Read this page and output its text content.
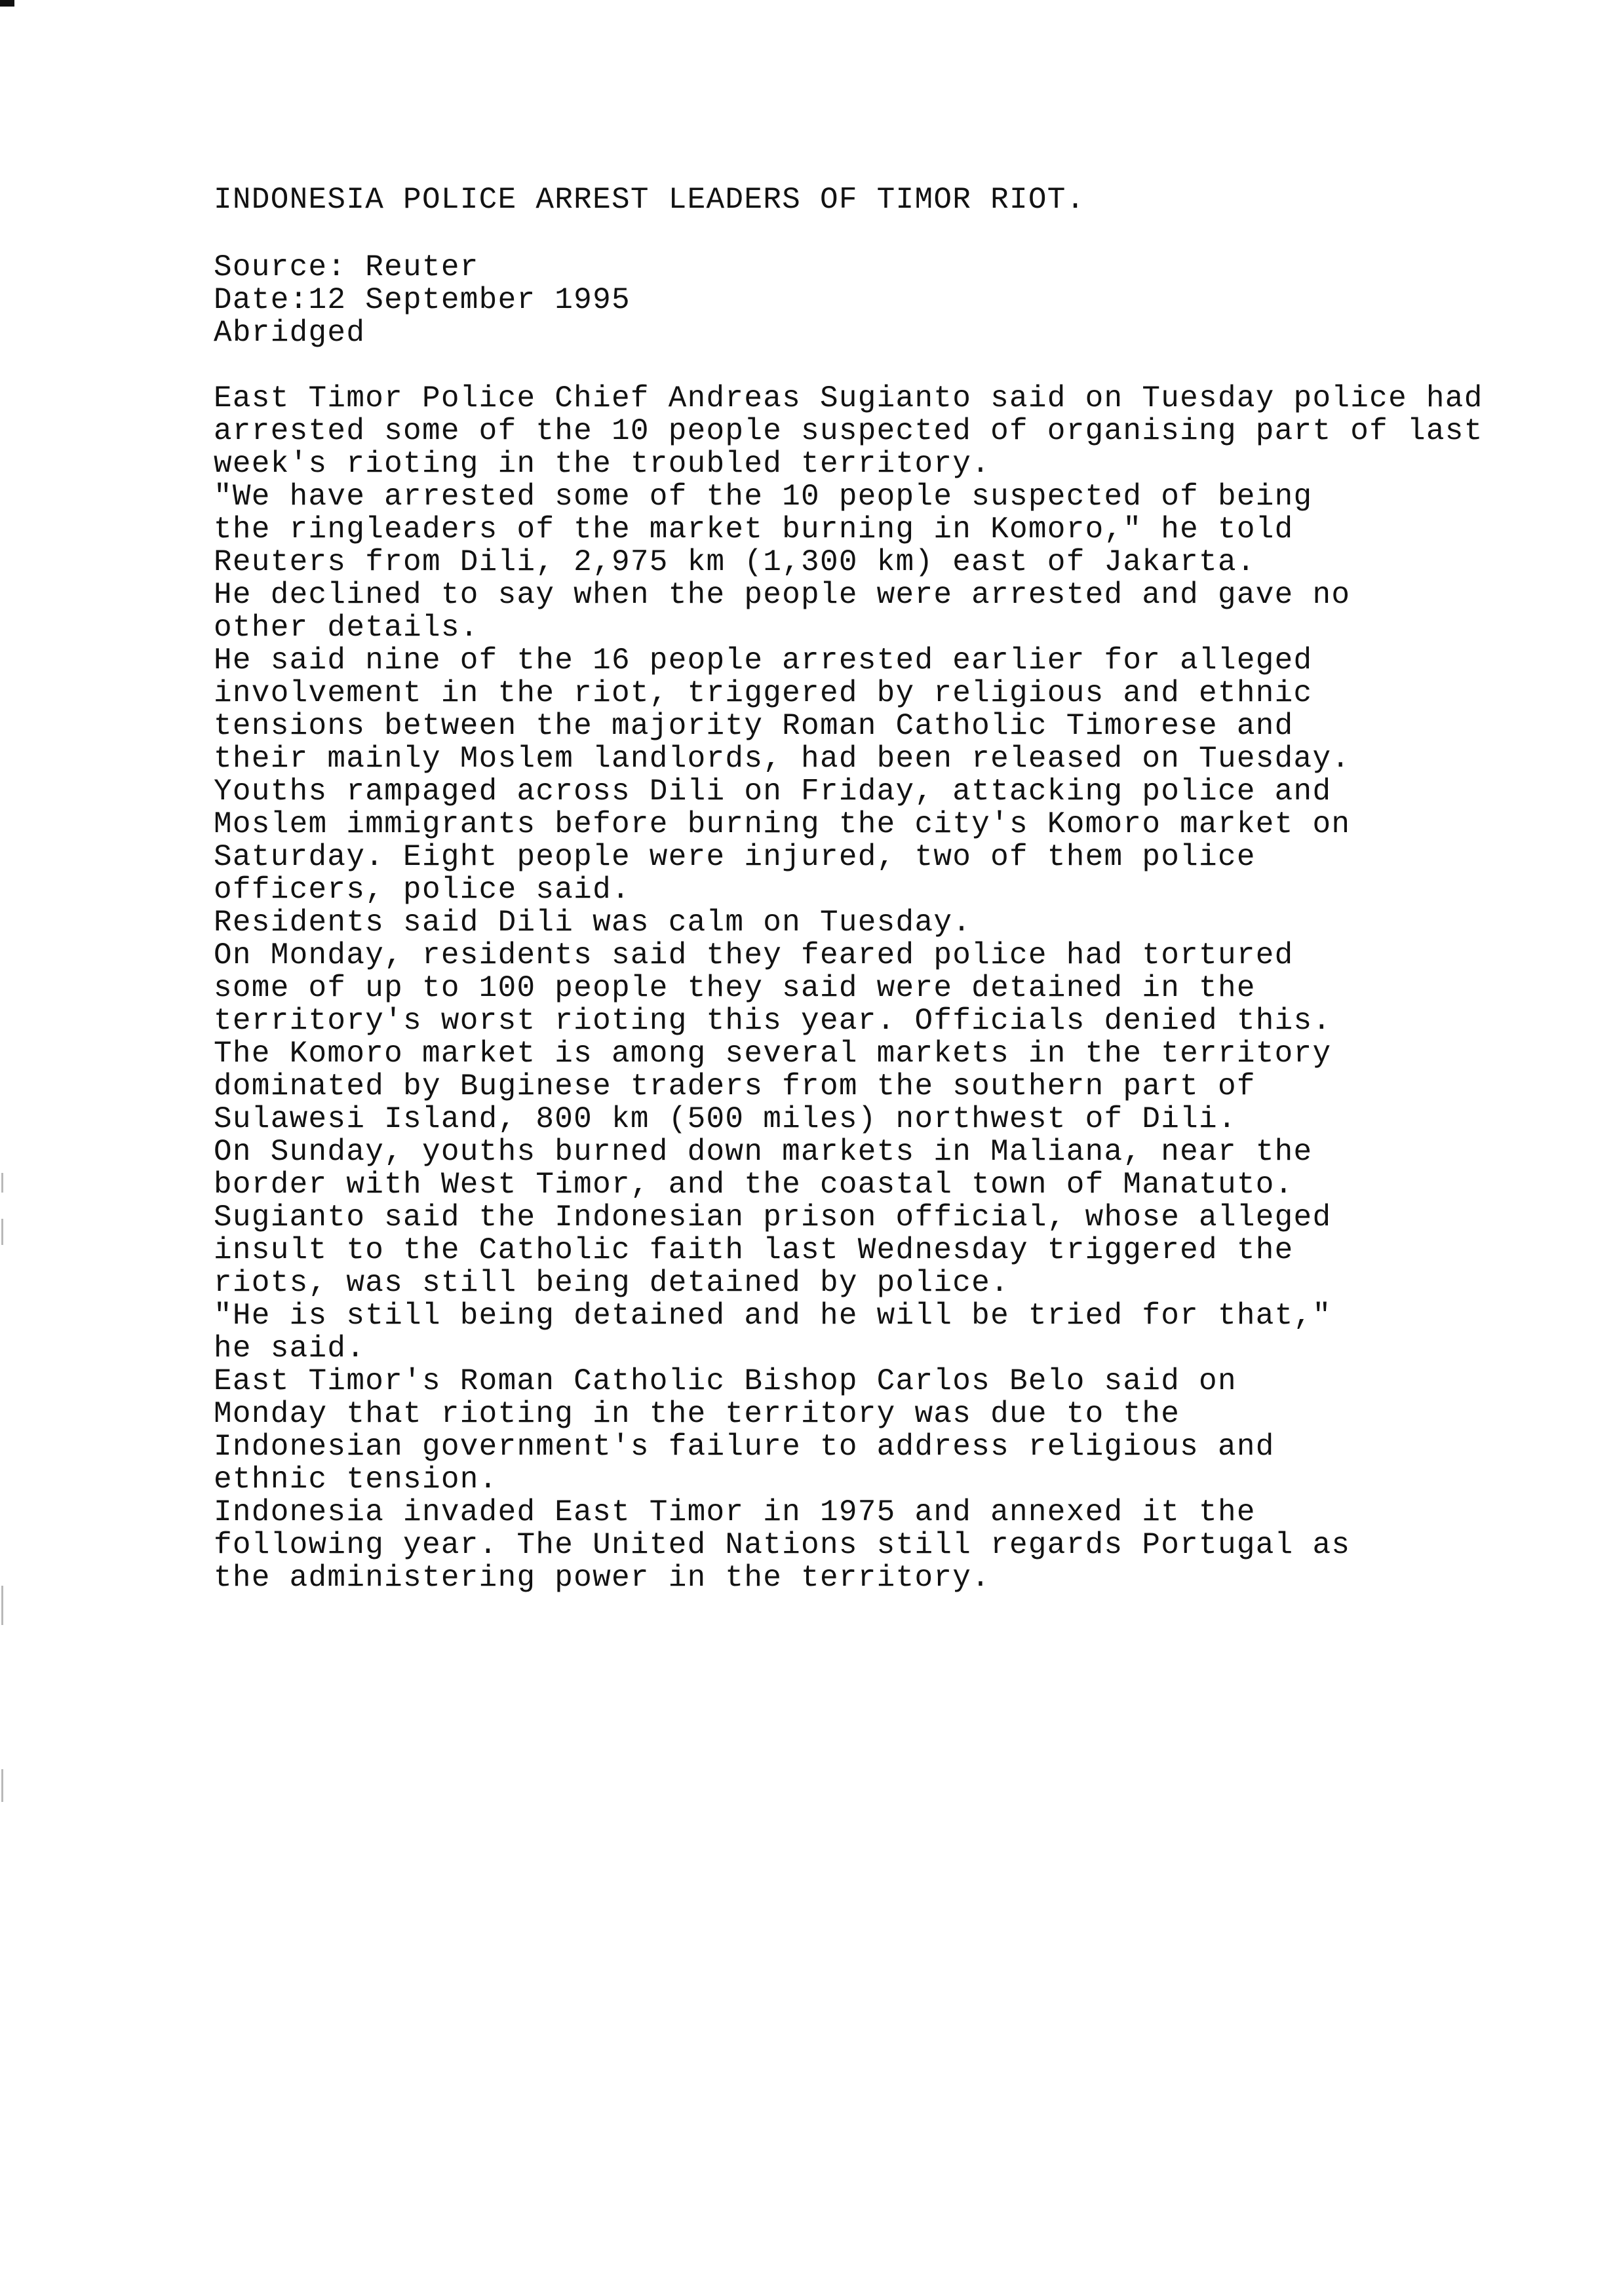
INDONESIA POLICE ARREST LEADERS OF TIMOR RIOT.
Source: Reuter
Date:12 September 1995
Abridged
East Timor Police Chief Andreas Sugianto said on Tuesday police had
arrested some of the 10 people suspected of organising part of last
week's rioting in the troubled territory.
"We have arrested some of the 10 people suspected of being
the ringleaders of the market burning in Komoro," he told
Reuters from Dili, 2,975 km (1,300 km) east of Jakarta.
He declined to say when the people were arrested and gave no
other details.
He said nine of the 16 people arrested earlier for alleged
involvement in the riot, triggered by religious and ethnic
tensions between the majority Roman Catholic Timorese and
their mainly Moslem landlords, had been released on Tuesday.
Youths rampaged across Dili on Friday, attacking police and
Moslem immigrants before burning the city's Komoro market on
Saturday. Eight people were injured, two of them police
officers, police said.
Residents said Dili was calm on Tuesday.
On Monday, residents said they feared police had tortured
some of up to 100 people they said were detained in the
territory's worst rioting this year. Officials denied this.
The Komoro market is among several markets in the territory
dominated by Buginese traders from the southern part of
Sulawesi Island, 800 km (500 miles) northwest of Dili.
On Sunday, youths burned down markets in Maliana, near the
border with West Timor, and the coastal town of Manatuto.
Sugianto said the Indonesian prison official, whose alleged
insult to the Catholic faith last Wednesday triggered the
riots, was still being detained by police.
"He is still being detained and he will be tried for that,"
he said.
East Timor's Roman Catholic Bishop Carlos Belo said on
Monday that rioting in the territory was due to the
Indonesian government's failure to address religious and
ethnic tension.
Indonesia invaded East Timor in 1975 and annexed it the
following year. The United Nations still regards Portugal as
the administering power in the territory.
